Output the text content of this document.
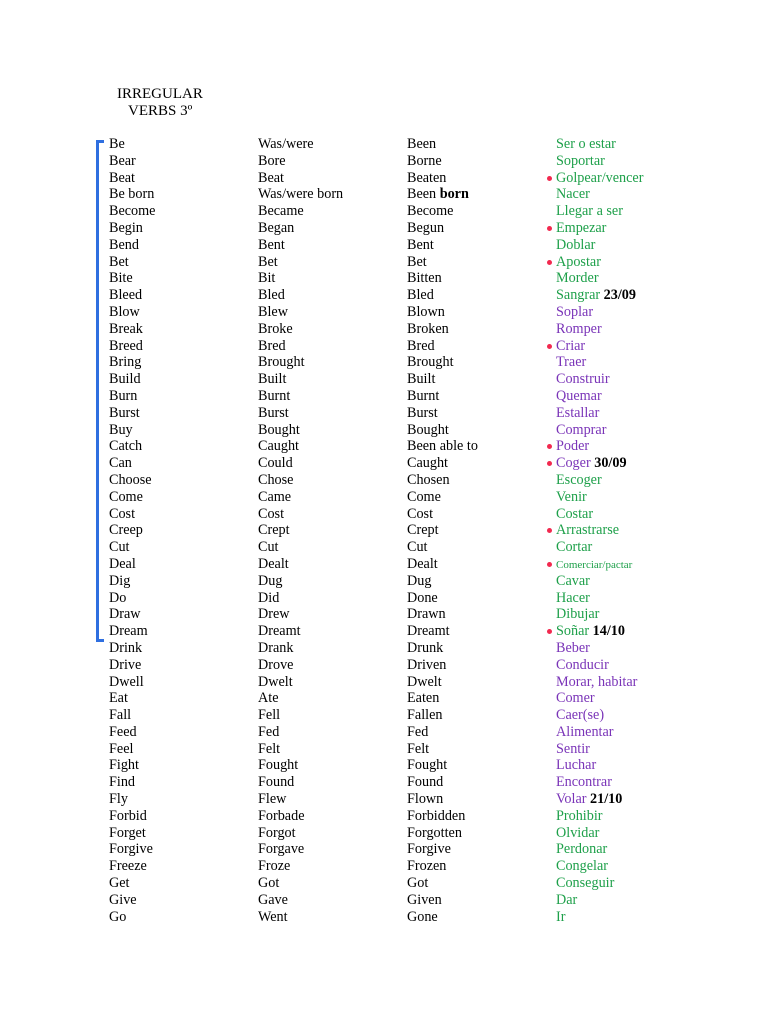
IRREGULAR
VERBS 3º
Be	Was/were	Been	Ser o estar
Bear	Bore	Borne	Soportar
Beat	Beat	Beaten	Golpear/vencer
Be born	Was/were born	Been born	Nacer
Become	Became	Become	Llegar a ser
Begin	Began	Begun	Empezar
Bend	Bent	Bent	Doblar
Bet	Bet	Bet	Apostar
Bite	Bit	Bitten	Morder
Bleed	Bled	Bled	Sangrar 23/09
Blow	Blew	Blown	Soplar
Break	Broke	Broken	Romper
Breed	Bred	Bred	Criar
Bring	Brought	Brought	Traer
Build	Built	Built	Construir
Burn	Burnt	Burnt	Quemar
Burst	Burst	Burst	Estallar
Buy	Bought	Bought	Comprar
Catch	Caught	Been able to	Poder
Can	Could	Caught	Coger 30/09
Choose	Chose	Chosen	Escoger
Come	Came	Come	Venir
Cost	Cost	Cost	Costar
Creep	Crept	Crept	Arrastrarse
Cut	Cut	Cut	Cortar
Deal	Dealt	Dealt	Comerciar/pactar
Dig	Dug	Dug	Cavar
Do	Did	Done	Hacer
Draw	Drew	Drawn	Dibujar
Dream	Dreamt	Dreamt	Soñar 14/10
Drink	Drank	Drunk	Beber
Drive	Drove	Driven	Conducir
Dwell	Dwelt	Dwelt	Morar, habitar
Eat	Ate	Eaten	Comer
Fall	Fell	Fallen	Caer(se)
Feed	Fed	Fed	Alimentar
Feel	Felt	Felt	Sentir
Fight	Fought	Fought	Luchar
Find	Found	Found	Encontrar
Fly	Flew	Flown	Volar 21/10
Forbid	Forbade	Forbidden	Prohibir
Forget	Forgot	Forgotten	Olvidar
Forgive	Forgave	Forgive	Perdonar
Freeze	Froze	Frozen	Congelar
Get	Got	Got	Conseguir
Give	Gave	Given	Dar
Go	Went	Gone	Ir
